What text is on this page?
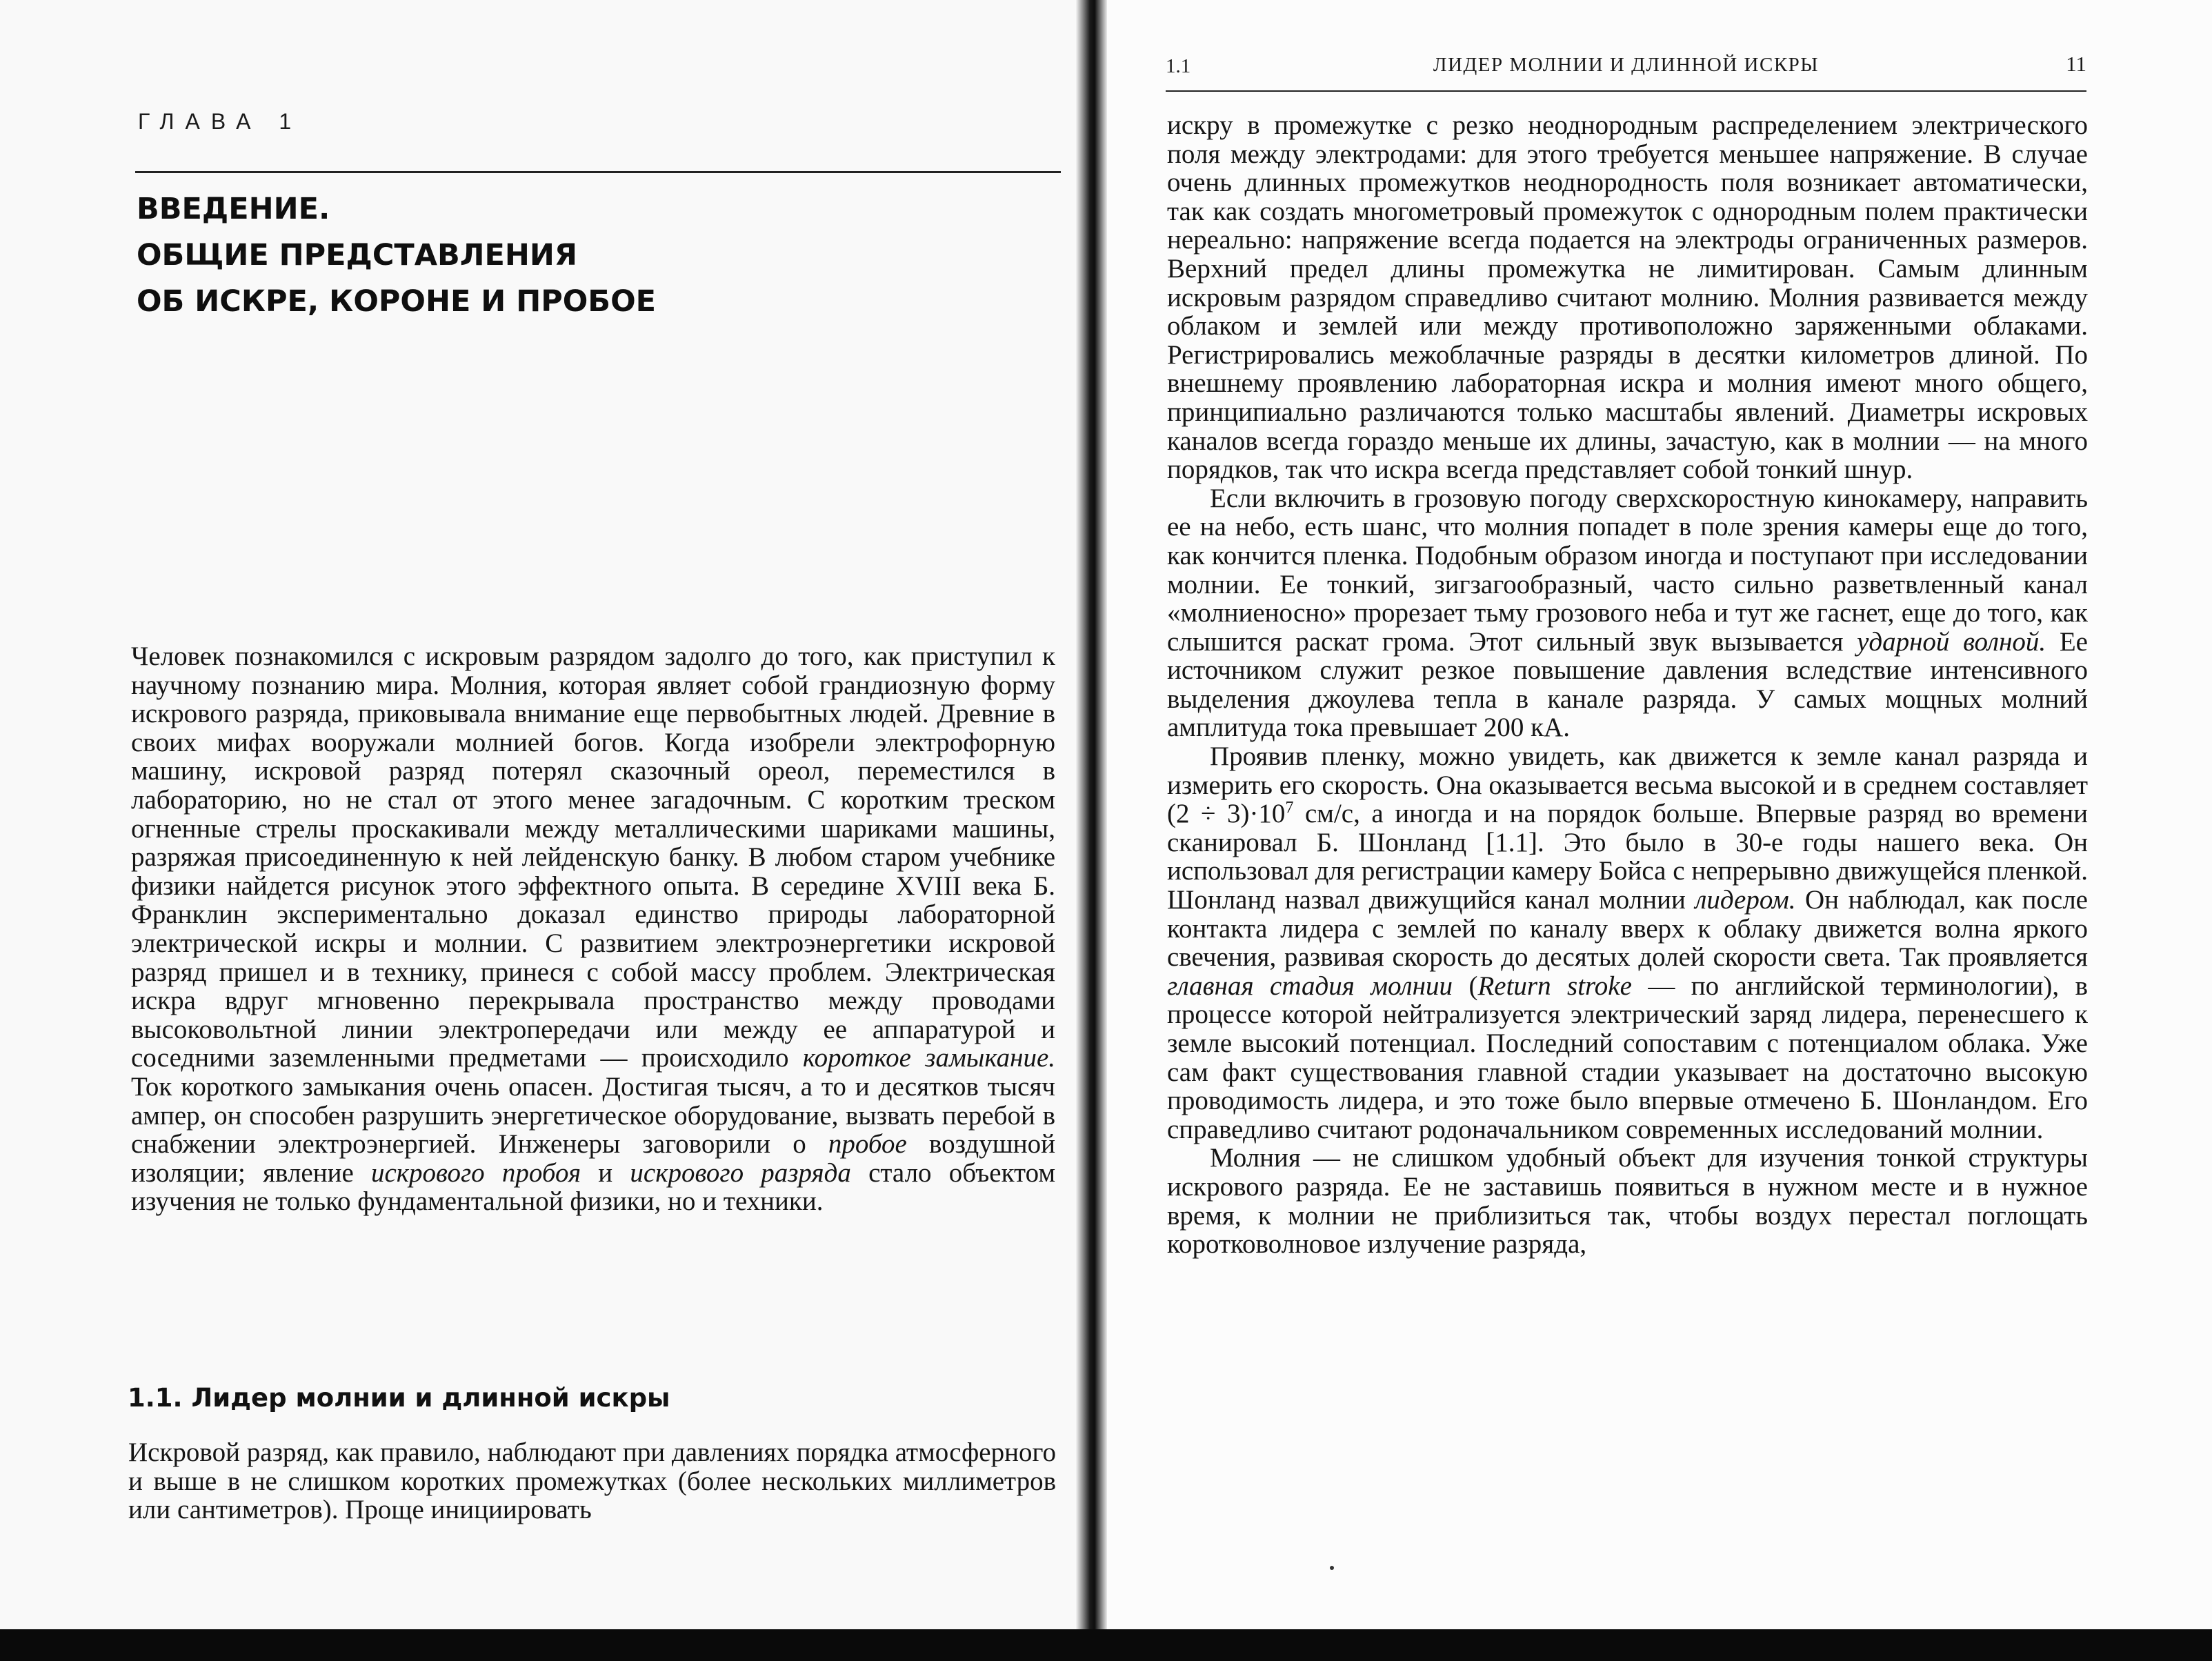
ГЛАВА 1
ВВЕДЕНИЕ.
ОБЩИЕ ПРЕДСТАВЛЕНИЯ
ОБ ИСКРЕ, КОРОНЕ И ПРОБОЕ

Человек познакомился с искровым разрядом задолго до того, как приступил к научному познанию мира. Молния, которая являет собой грандиозную форму искрового разряда, приковывала внимание еще первобытных людей. Древние в своих мифах вооружали молнией богов. Когда изобрели электрофорную машину, искровой разряд потерял сказочный ореол, переместился в лабораторию, но не стал от этого менее загадочным. С коротким треском огненные стрелы проскакивали между металлическими шариками машины, разряжая присоединенную к ней лейденскую банку. В любом старом учебнике физики найдется рисунок этого эффектного опыта. В середине XVIII века Б. Франклин экспериментально доказал единство природы лабораторной электрической искры и молнии. С развитием электроэнергетики искровой разряд пришел и в технику, принеся с собой массу проблем. Электрическая искра вдруг мгновенно перекрывала пространство между проводами высоковольтной линии электропередачи или между ее аппаратурой и соседними заземленными предметами — происходило короткое замыкание. Ток короткого замыкания очень опасен. Достигая тысяч, а то и десятков тысяч ампер, он способен разрушить энергетическое оборудование, вызвать перебой в снабжении электроэнергией. Инженеры заговорили о пробое воздушной изоляции; явление искрового пробоя и искрового разряда стало объектом изучения не только фундаментальной физики, но и техники.

1.1. Лидер молнии и длинной искры

Искровой разряд, как правило, наблюдают при давлениях порядка атмосферного и выше в не слишком коротких промежутках (более нескольких миллиметров или сантиметров). Проще инициировать

1.1	ЛИДЕР МОЛНИИ И ДЛИННОЙ ИСКРЫ	11

искру в промежутке с резко неоднородным распределением электрического поля между электродами: для этого требуется меньшее напряжение. В случае очень длинных промежутков неоднородность поля возникает автоматически, так как создать многометровый промежуток с однородным полем практически нереально: напряжение всегда подается на электроды ограниченных размеров. Верхний предел длины промежутка не лимитирован. Самым длинным искровым разрядом справедливо считают молнию. Молния развивается между облаком и землей или между противоположно заряженными облаками. Регистрировались межоблачные разряды в десятки километров длиной. По внешнему проявлению лабораторная искра и молния имеют много общего, принципиально различаются только масштабы явлений. Диаметры искровых каналов всегда гораздо меньше их длины, зачастую, как в молнии — на много порядков, так что искра всегда представляет собой тонкий шнур.

Если включить в грозовую погоду сверхскоростную кинокамеру, направить ее на небо, есть шанс, что молния попадет в поле зрения камеры еще до того, как кончится пленка. Подобным образом иногда и поступают при исследовании молнии. Ее тонкий, зигзагообразный, часто сильно разветвленный канал «молниеносно» прорезает тьму грозового неба и тут же гаснет, еще до того, как слышится раскат грома. Этот сильный звук вызывается ударной волной. Ее источником служит резкое повышение давления вследствие интенсивного выделения джоулева тепла в канале разряда. У самых мощных молний амплитуда тока превышает 200 кА.

Проявив пленку, можно увидеть, как движется к земле канал разряда и измерить его скорость. Она оказывается весьма высокой и в среднем составляет $(2 \div 3)\cdot 10^7$ см/с, а иногда и на порядок больше. Впервые разряд во времени сканировал Б. Шонланд [1.1]. Это было в 30-е годы нашего века. Он использовал для регистрации камеру Бойса с непрерывно движущейся пленкой. Шонланд назвал движущийся канал молнии лидером. Он наблюдал, как после контакта лидера с землей по каналу вверх к облаку движется волна яркого свечения, развивая скорость до десятых долей скорости света. Так проявляется главная стадия молнии (Return stroke — по английской терминологии), в процессе которой нейтрализуется электрический заряд лидера, перенесшего к земле высокий потенциал. Последний сопоставим с потенциалом облака. Уже сам факт существования главной стадии указывает на достаточно высокую проводимость лидера, и это тоже было впервые отмечено Б. Шонландом. Его справедливо считают родоначальником современных исследований молнии.

Молния — не слишком удобный объект для изучения тонкой структуры искрового разряда. Ее не заставишь появиться в нужном месте и в нужное время, к молнии не приблизиться так, чтобы воздух перестал поглощать коротковолновое излучение разряда,
